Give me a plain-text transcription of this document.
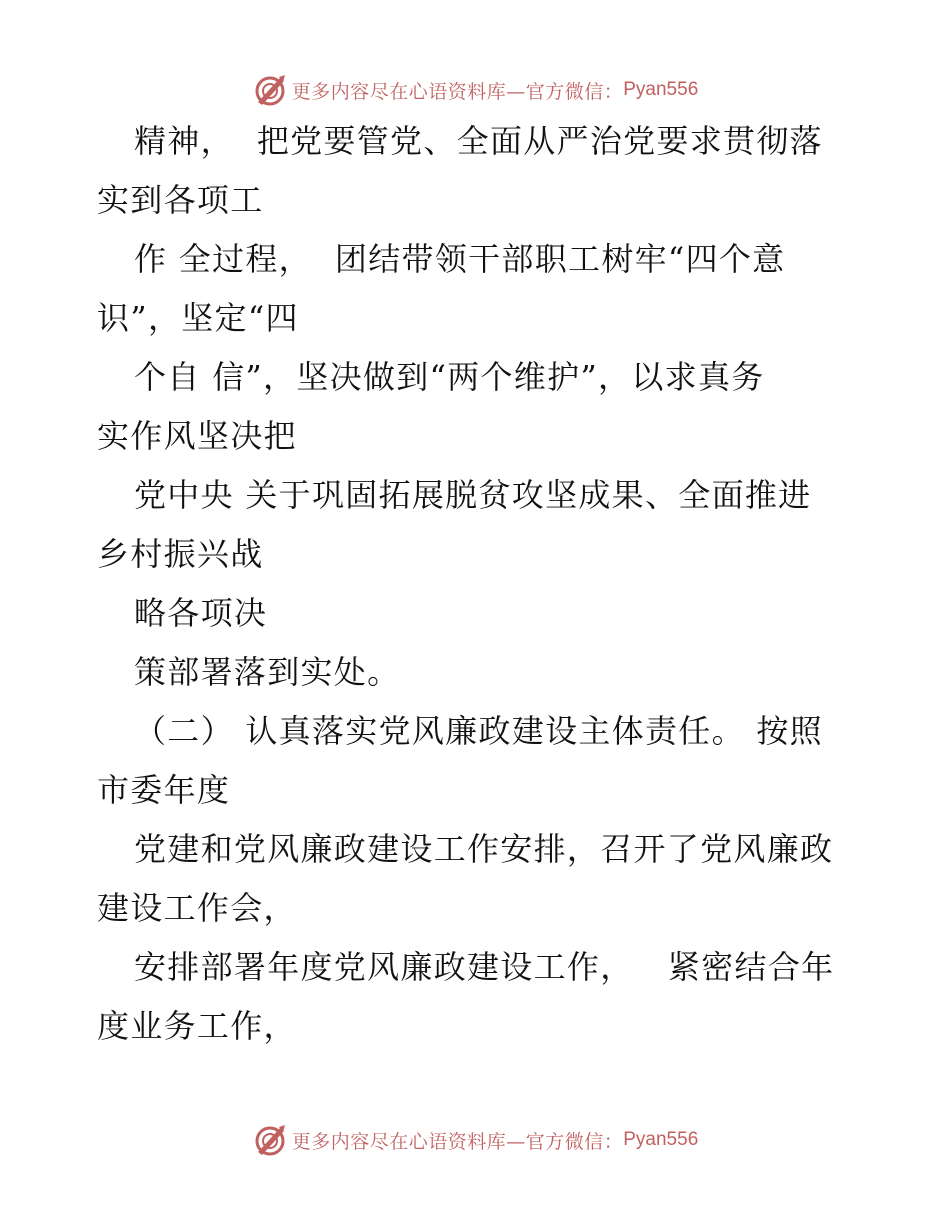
更多内容尽在心语资料库—官方微信： Pyan556
精神，  把党要管党、全面从严治党要求贯彻落
实到各项工
作 全过程，  团结带领干部职工树牢“四个意
识”，坚定“四
个自 信”，坚决做到“两个维护”，以求真务
实作风坚决把
党中央 关于巩固拓展脱贫攻坚成果、全面推进
乡村振兴战
略各项决
策部署落到实处。
（二） 认真落实党风廉政建设主体责任。 按照
市委年度
党建和党风廉政建设工作安排，召开了党风廉政
建设工作会，
安排部署年度党风廉政建设工作，   紧密结合年
度业务工作，
更多内容尽在心语资料库—官方微信： Pyan556
